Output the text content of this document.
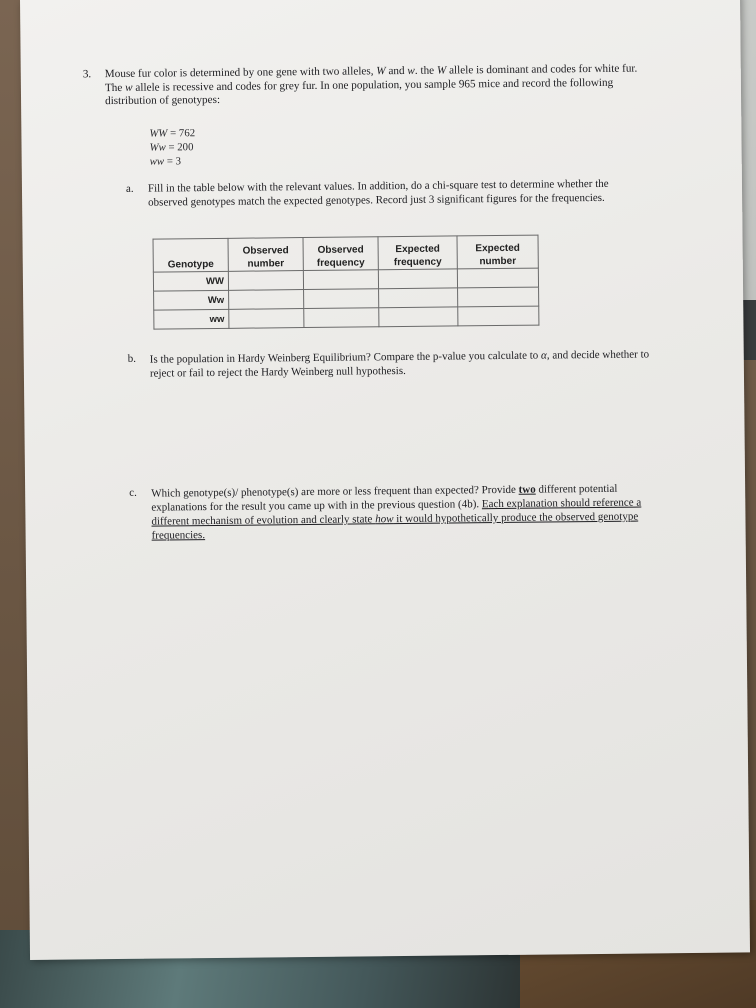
3. Mouse fur color is determined by one gene with two alleles, W and w. the W allele is dominant and codes for white fur. The w allele is recessive and codes for grey fur. In one population, you sample 965 mice and record the following distribution of genotypes:
WW = 762
Ww = 200
ww = 3
a. Fill in the table below with the relevant values. In addition, do a chi-square test to determine whether the observed genotypes match the expected genotypes. Record just 3 significant figures for the frequencies.
Genotype	Observed number	Observed frequency	Expected frequency	Expected number
WW				
Ww				
ww				
b. Is the population in Hardy Weinberg Equilibrium? Compare the p-value you calculate to α, and decide whether to reject or fail to reject the Hardy Weinberg null hypothesis.
c. Which genotype(s)/ phenotype(s) are more or less frequent than expected? Provide two different potential explanations for the result you came up with in the previous question (4b). Each explanation should reference a different mechanism of evolution and clearly state how it would hypothetically produce the observed genotype frequencies.
